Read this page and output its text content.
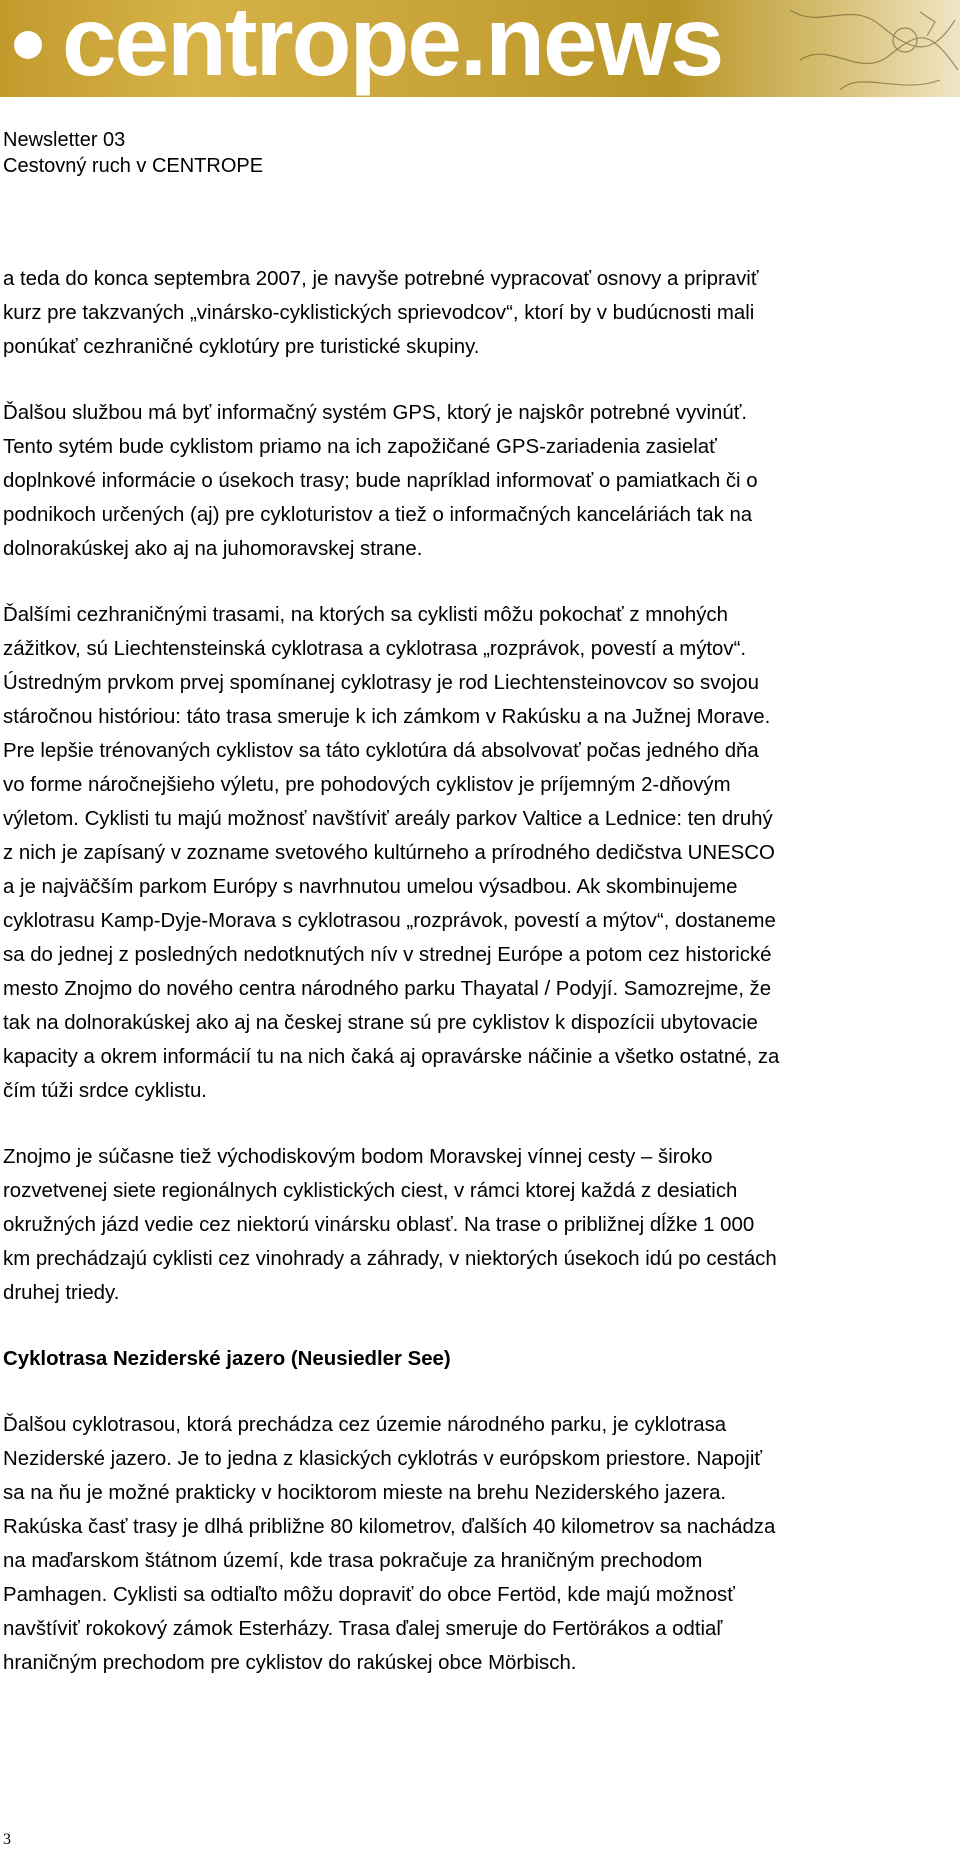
centrope.news
Newsletter 03
Cestovný ruch v CENTROPE

a teda do konca septembra 2007, je navyše potrebné vypracovať osnovy a pripraviť
kurz pre takzvaných „vinársko-cyklistických sprievodcov“, ktorí by v budúcnosti mali
ponúkať cezhraničné cyklotúry pre turistické skupiny.

Ďalšou službou má byť informačný systém GPS, ktorý je najskôr potrebné vyvinúť.
Tento sytém bude cyklistom priamo na ich zapožičané GPS-zariadenia zasielať
doplnkové informácie o úsekoch trasy; bude napríklad informovať o pamiatkach či o
podnikoch určených (aj) pre cykloturistov a tiež o informačných kanceláriách tak na
dolnorakúskej ako aj na juhomoravskej strane.

Ďalšími cezhraničnými trasami, na ktorých sa cyklisti môžu pokochať z mnohých
zážitkov, sú Liechtensteinská cyklotrasa a cyklotrasa „rozprávok, povestí a mýtov“.
Ústredným prvkom prvej spomínanej cyklotrasy je rod Liechtensteinovcov so svojou
stáročnou históriou: táto trasa smeruje k ich zámkom v Rakúsku a na Južnej Morave.
Pre lepšie trénovaných cyklistov sa táto cyklotúra dá absolvovať počas jedného dňa
vo forme náročnejšieho výletu, pre pohodových cyklistov je príjemným 2-dňovým
výletom. Cyklisti tu majú možnosť navštíviť areály parkov Valtice a Lednice: ten druhý
z nich je zapísaný v zozname svetového kultúrneho a prírodného dedičstva UNESCO
a je najväčším parkom Európy s navrhnutou umelou výsadbou. Ak skombinujeme
cyklotrasu Kamp-Dyje-Morava s cyklotrasou „rozprávok, povestí a mýtov“, dostaneme
sa do jednej z posledných nedotknutých nív v strednej Európe a potom cez historické
mesto Znojmo do nového centra národného parku Thayatal / Podyjí. Samozrejme, že
tak na dolnorakúskej ako aj na českej strane sú pre cyklistov k dispozícii ubytovacie
kapacity a okrem informácií tu na nich čaká aj opravárske náčinie a všetko ostatné, za
čím túži srdce cyklistu.

Znojmo je súčasne tiež východiskovým bodom Moravskej vínnej cesty – široko
rozvetvenej siete regionálnych cyklistických ciest, v rámci ktorej každá z desiatich
okružných jázd vedie cez niektorú vinársku oblasť. Na trase o približnej dĺžke 1 000
km prechádzajú cyklisti cez vinohrady a záhrady, v niektorých úsekoch idú po cestách
druhej triedy.

Cyklotrasa Neziderské jazero (Neusiedler See)

Ďalšou cyklotrasou, ktorá prechádza cez územie národného parku, je cyklotrasa
Neziderské jazero. Je to jedna z klasických cyklotrás v európskom priestore. Napojiť
sa na ňu je možné prakticky v hociktorom mieste na brehu Neziderského jazera.
Rakúska časť trasy je dlhá približne 80 kilometrov, ďalších 40 kilometrov sa nachádza
na maďarskom štátnom území, kde trasa pokračuje za hraničným prechodom
Pamhagen. Cyklisti sa odtiaľto môžu dopraviť do obce Fertöd, kde majú možnosť
navštíviť rokokový zámok Esterházy. Trasa ďalej smeruje do Fertörákos a odtiaľ
hraničným prechodom pre cyklistov do rakúskej obce Mörbisch.

3
